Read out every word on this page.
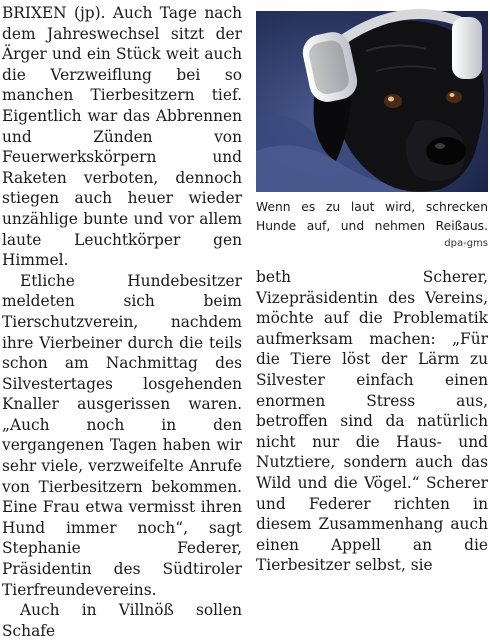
BRIXEN (jp). Auch Tage nach dem Jahreswechsel sitzt der Ärger und ein Stück weit auch die Verzweiflung bei so manchen Tierbesitzern tief. Eigentlich war das Abbrennen und Zünden von Feuerwerkskörpern und Raketen verboten, dennoch stiegen auch heuer wieder unzählige bunte und vor allem laute Leuchtkörper gen Himmel.

Etliche Hundebesitzer meldeten sich beim Tierschutzverein, nachdem ihre Vierbeiner durch die teils schon am Nachmittag des Silvestertages losgehenden Knaller ausgerissen waren. „Auch noch in den vergangenen Tagen haben wir sehr viele, verzweifelte Anrufe von Tierbesitzern bekommen. Eine Frau etwa vermisst ihren Hund immer noch“, sagt Stephanie Federer, Präsidentin des Südtiroler Tierfreundevereins.

Auch in Villnöß sollen Schafe

Wenn es zu laut wird, schrecken Hunde auf, und nehmen Reißaus.
dpa-gms

beth Scherer, Vizepräsidentin des Vereins, möchte auf die Problematik aufmerksam machen: „Für die Tiere löst der Lärm zu Silvester einfach einen enormen Stress aus, betroffen sind da natürlich nicht nur die Haus- und Nutztiere, sondern auch das Wild und die Vögel.“ Scherer und Federer richten in diesem Zusammenhang auch einen Appell an die Tierbesitzer selbst, sie
